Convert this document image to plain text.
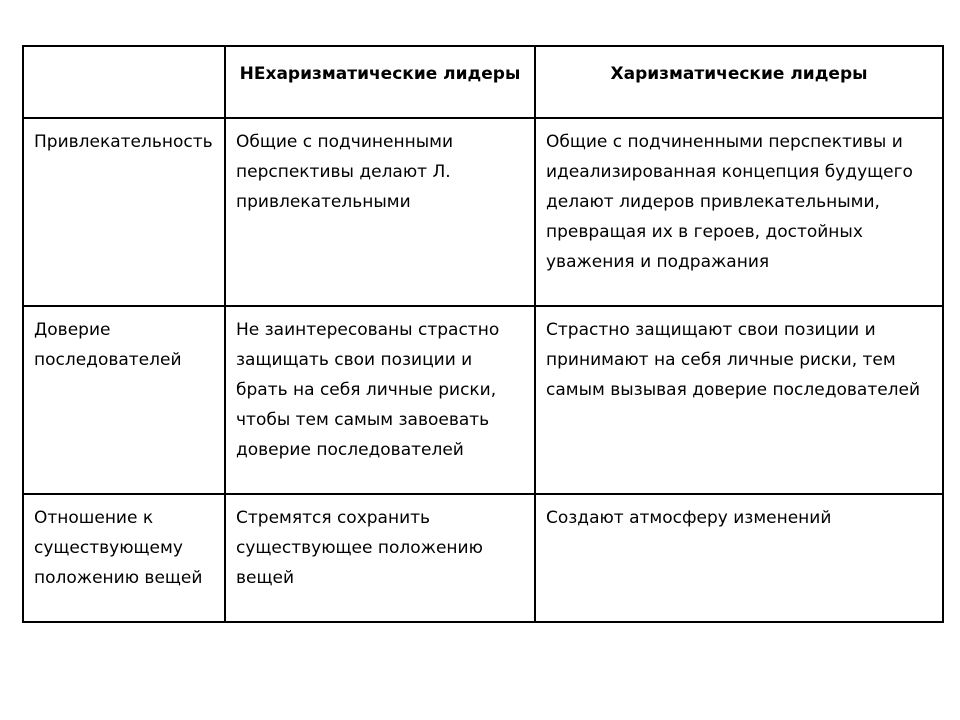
	НЕхаризматические лидеры	Харизматические лидеры
Привлекательность	Общие с подчиненными перспективы делают Л. привлекательными	Общие с подчиненными перспективы и идеализированная концепция будущего делают лидеров привлекательными, превращая их в героев, достойных уважения и подражания
Доверие последователей	Не заинтересованы страстно защищать свои позиции и брать на себя личные риски, чтобы тем самым завоевать доверие последователей	Страстно защищают свои позиции и принимают на себя личные риски, тем самым вызывая доверие последователей
Отношение к существующему положению вещей	Стремятся сохранить существующее положению вещей	Создают атмосферу изменений
